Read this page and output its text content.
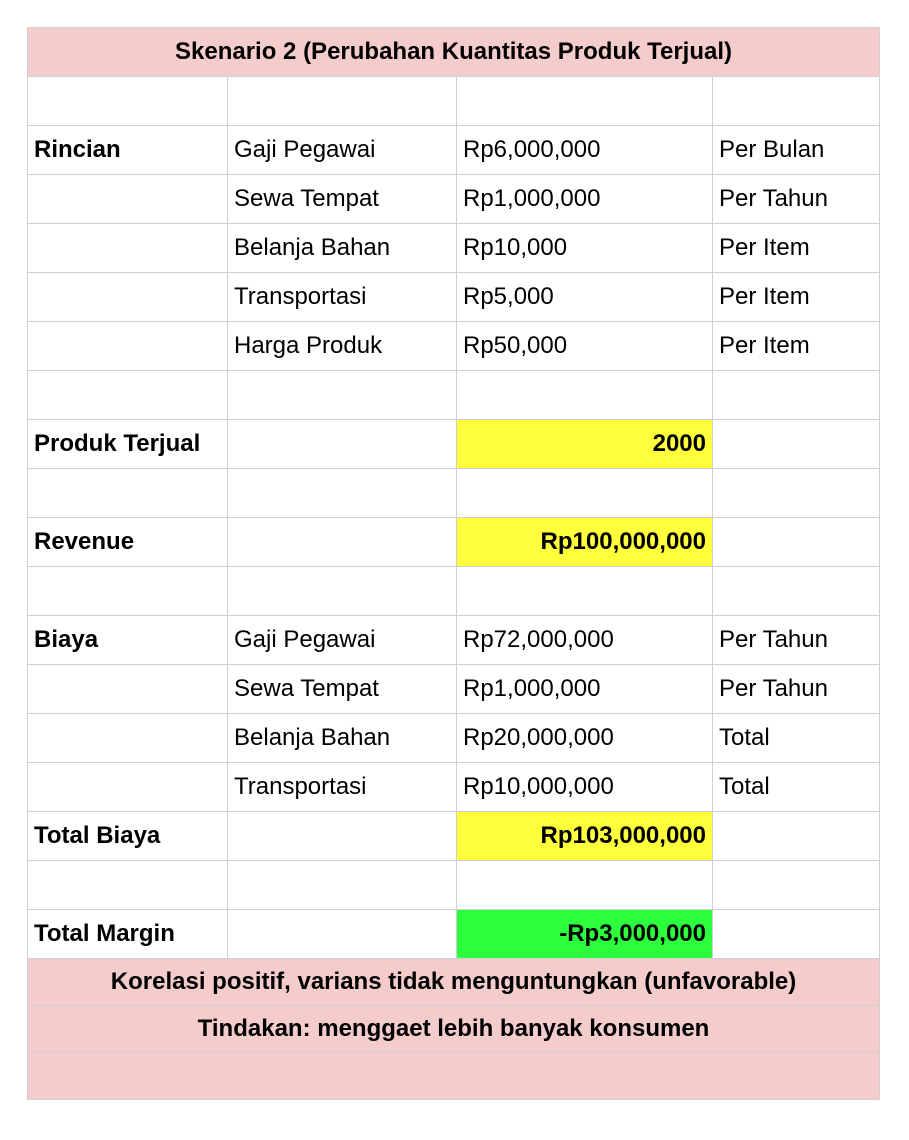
Skenario 2 (Perubahan Kuantitas Produk Terjual)			

Rincian	Gaji Pegawai	Rp6,000,000	Per Bulan
	Sewa Tempat	Rp1,000,000	Per Tahun
	Belanja Bahan	Rp10,000	Per Item
	Transportasi	Rp5,000	Per Item
	Harga Produk	Rp50,000	Per Item

Produk Terjual		2000	

Revenue		Rp100,000,000	

Biaya	Gaji Pegawai	Rp72,000,000	Per Tahun
	Sewa Tempat	Rp1,000,000	Per Tahun
	Belanja Bahan	Rp20,000,000	Total
	Transportasi	Rp10,000,000	Total
Total Biaya		Rp103,000,000	

Total Margin		-Rp3,000,000	
Korelasi positif, varians tidak menguntungkan (unfavorable)			
Tindakan: menggaet lebih banyak konsumen			
